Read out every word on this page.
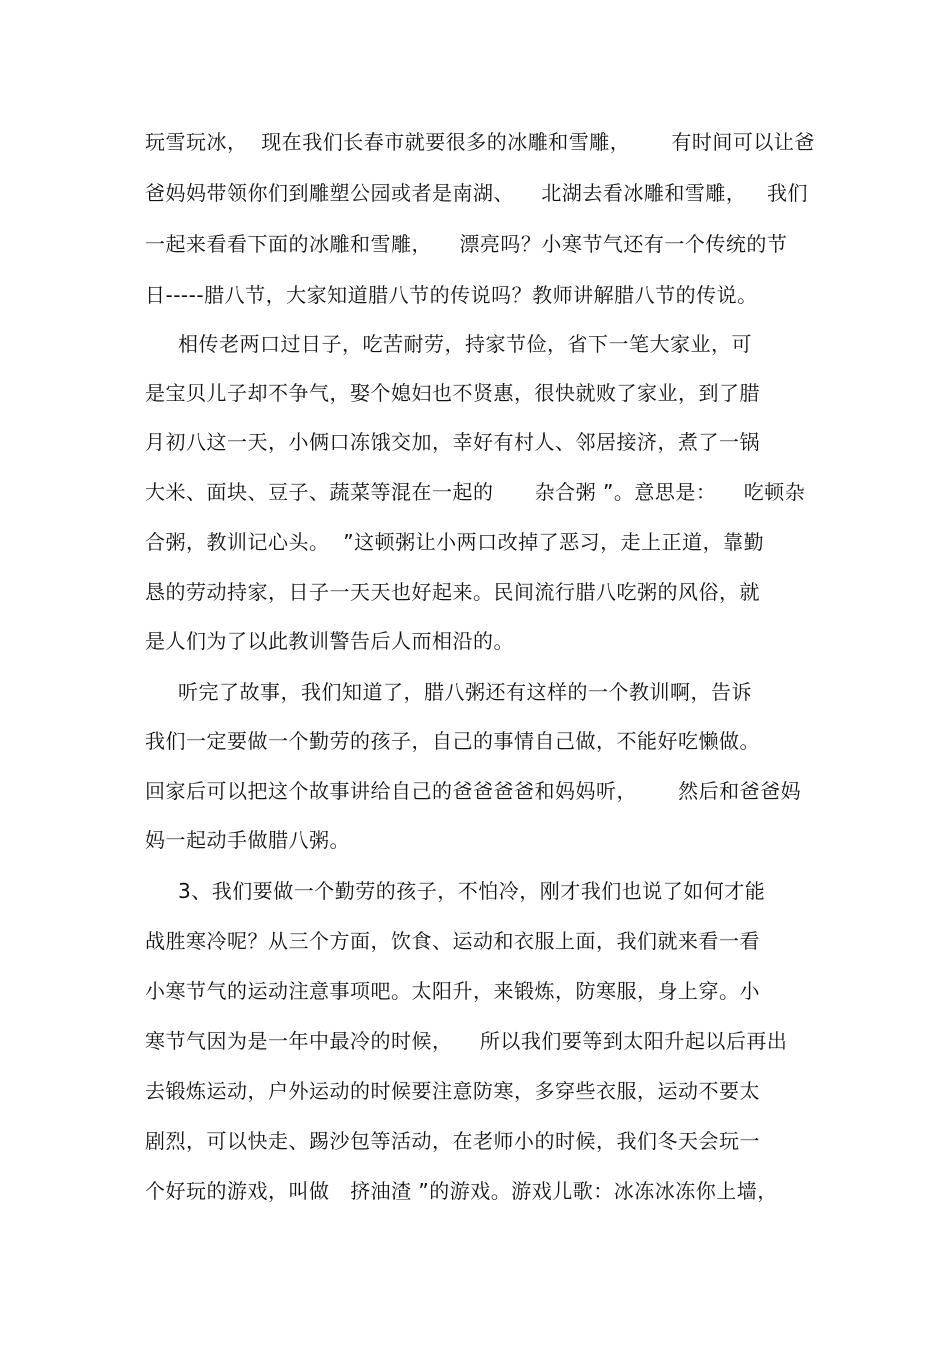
玩雪玩冰，  现在我们长春市就要很多的冰雕和雪雕，      有时间可以让爸
爸妈妈带领你们到雕塑公园或者是南湖、    北湖去看冰雕和雪雕，   我们
一起来看看下面的冰雕和雪雕，    漂亮吗？小寒节气还有一个传统的节
日-----腊八节，大家知道腊八节的传说吗？教师讲解腊八节的传说。
相传老两口过日子，吃苦耐劳，持家节俭，省下一笔大家业，可
是宝贝儿子却不争气，娶个媳妇也不贤惠，很快就败了家业，到了腊
月初八这一天，小俩口冻饿交加，幸好有村人、邻居接济，煮了一锅
大米、面块、豆子、蔬菜等混在一起的      杂合粥 ”。意思是：    吃顿杂
合粥，教训记心头。  ”这顿粥让小两口改掉了恶习，走上正道，靠勤
恳的劳动持家，日子一天天也好起来。民间流行腊八吃粥的风俗，就
是人们为了以此教训警告后人而相沿的。
听完了故事，我们知道了，腊八粥还有这样的一个教训啊，告诉
我们一定要做一个勤劳的孩子，自己的事情自己做，不能好吃懒做。
回家后可以把这个故事讲给自己的爸爸爸爸和妈妈听，      然后和爸爸妈
妈一起动手做腊八粥。
3、我们要做一个勤劳的孩子，不怕冷，刚才我们也说了如何才能
战胜寒冷呢？从三个方面，饮食、运动和衣服上面，我们就来看一看
小寒节气的运动注意事项吧。太阳升，来锻炼，防寒服，身上穿。小
寒节气因为是一年中最冷的时候，    所以我们要等到太阳升起以后再出
去锻炼运动，户外运动的时候要注意防寒，多穿些衣服，运动不要太
剧烈，可以快走、踢沙包等活动，在老师小的时候，我们冬天会玩一
个好玩的游戏，叫做   挤油渣 ”的游戏。游戏儿歌：冰冻冰冻你上墙，
